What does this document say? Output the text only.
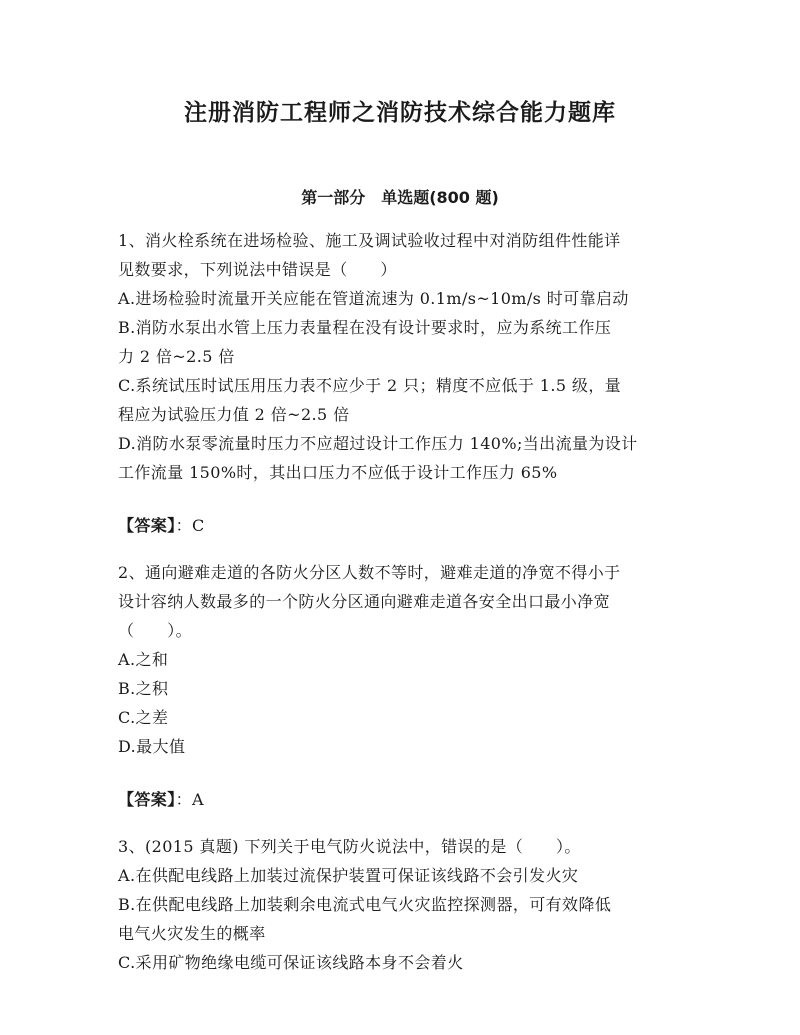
注册消防工程师之消防技术综合能力题库
第一部分　单选题(800 题)
1、消火栓系统在进场检验、施工及调试验收过程中对消防组件性能详
见数要求，下列说法中错误是（　　）
A.进场检验时流量开关应能在管道流速为 0.1m/s~10m/s 时可靠启动
B.消防水泵出水管上压力表量程在没有设计要求时，应为系统工作压
力 2 倍~2.5 倍
C.系统试压时试压用压力表不应少于 2 只；精度不应低于 1.5 级，量
程应为试验压力值 2 倍~2.5 倍
D.消防水泵零流量时压力不应超过设计工作压力 140%;当出流量为设计
工作流量 150%时，其出口压力不应低于设计工作压力 65%
【答案】：C
2、通向避难走道的各防火分区人数不等时，避难走道的净宽不得小于
设计容纳人数最多的一个防火分区通向避难走道各安全出口最小净宽
（　　）。
A.之和
B.之积
C.之差
D.最大值
【答案】：A
3、(2015 真题) 下列关于电气防火说法中，错误的是（　　）。
A.在供配电线路上加装过流保护装置可保证该线路不会引发火灾
B.在供配电线路上加装剩余电流式电气火灾监控探测器，可有效降低
电气火灾发生的概率
C.采用矿物绝缘电缆可保证该线路本身不会着火
